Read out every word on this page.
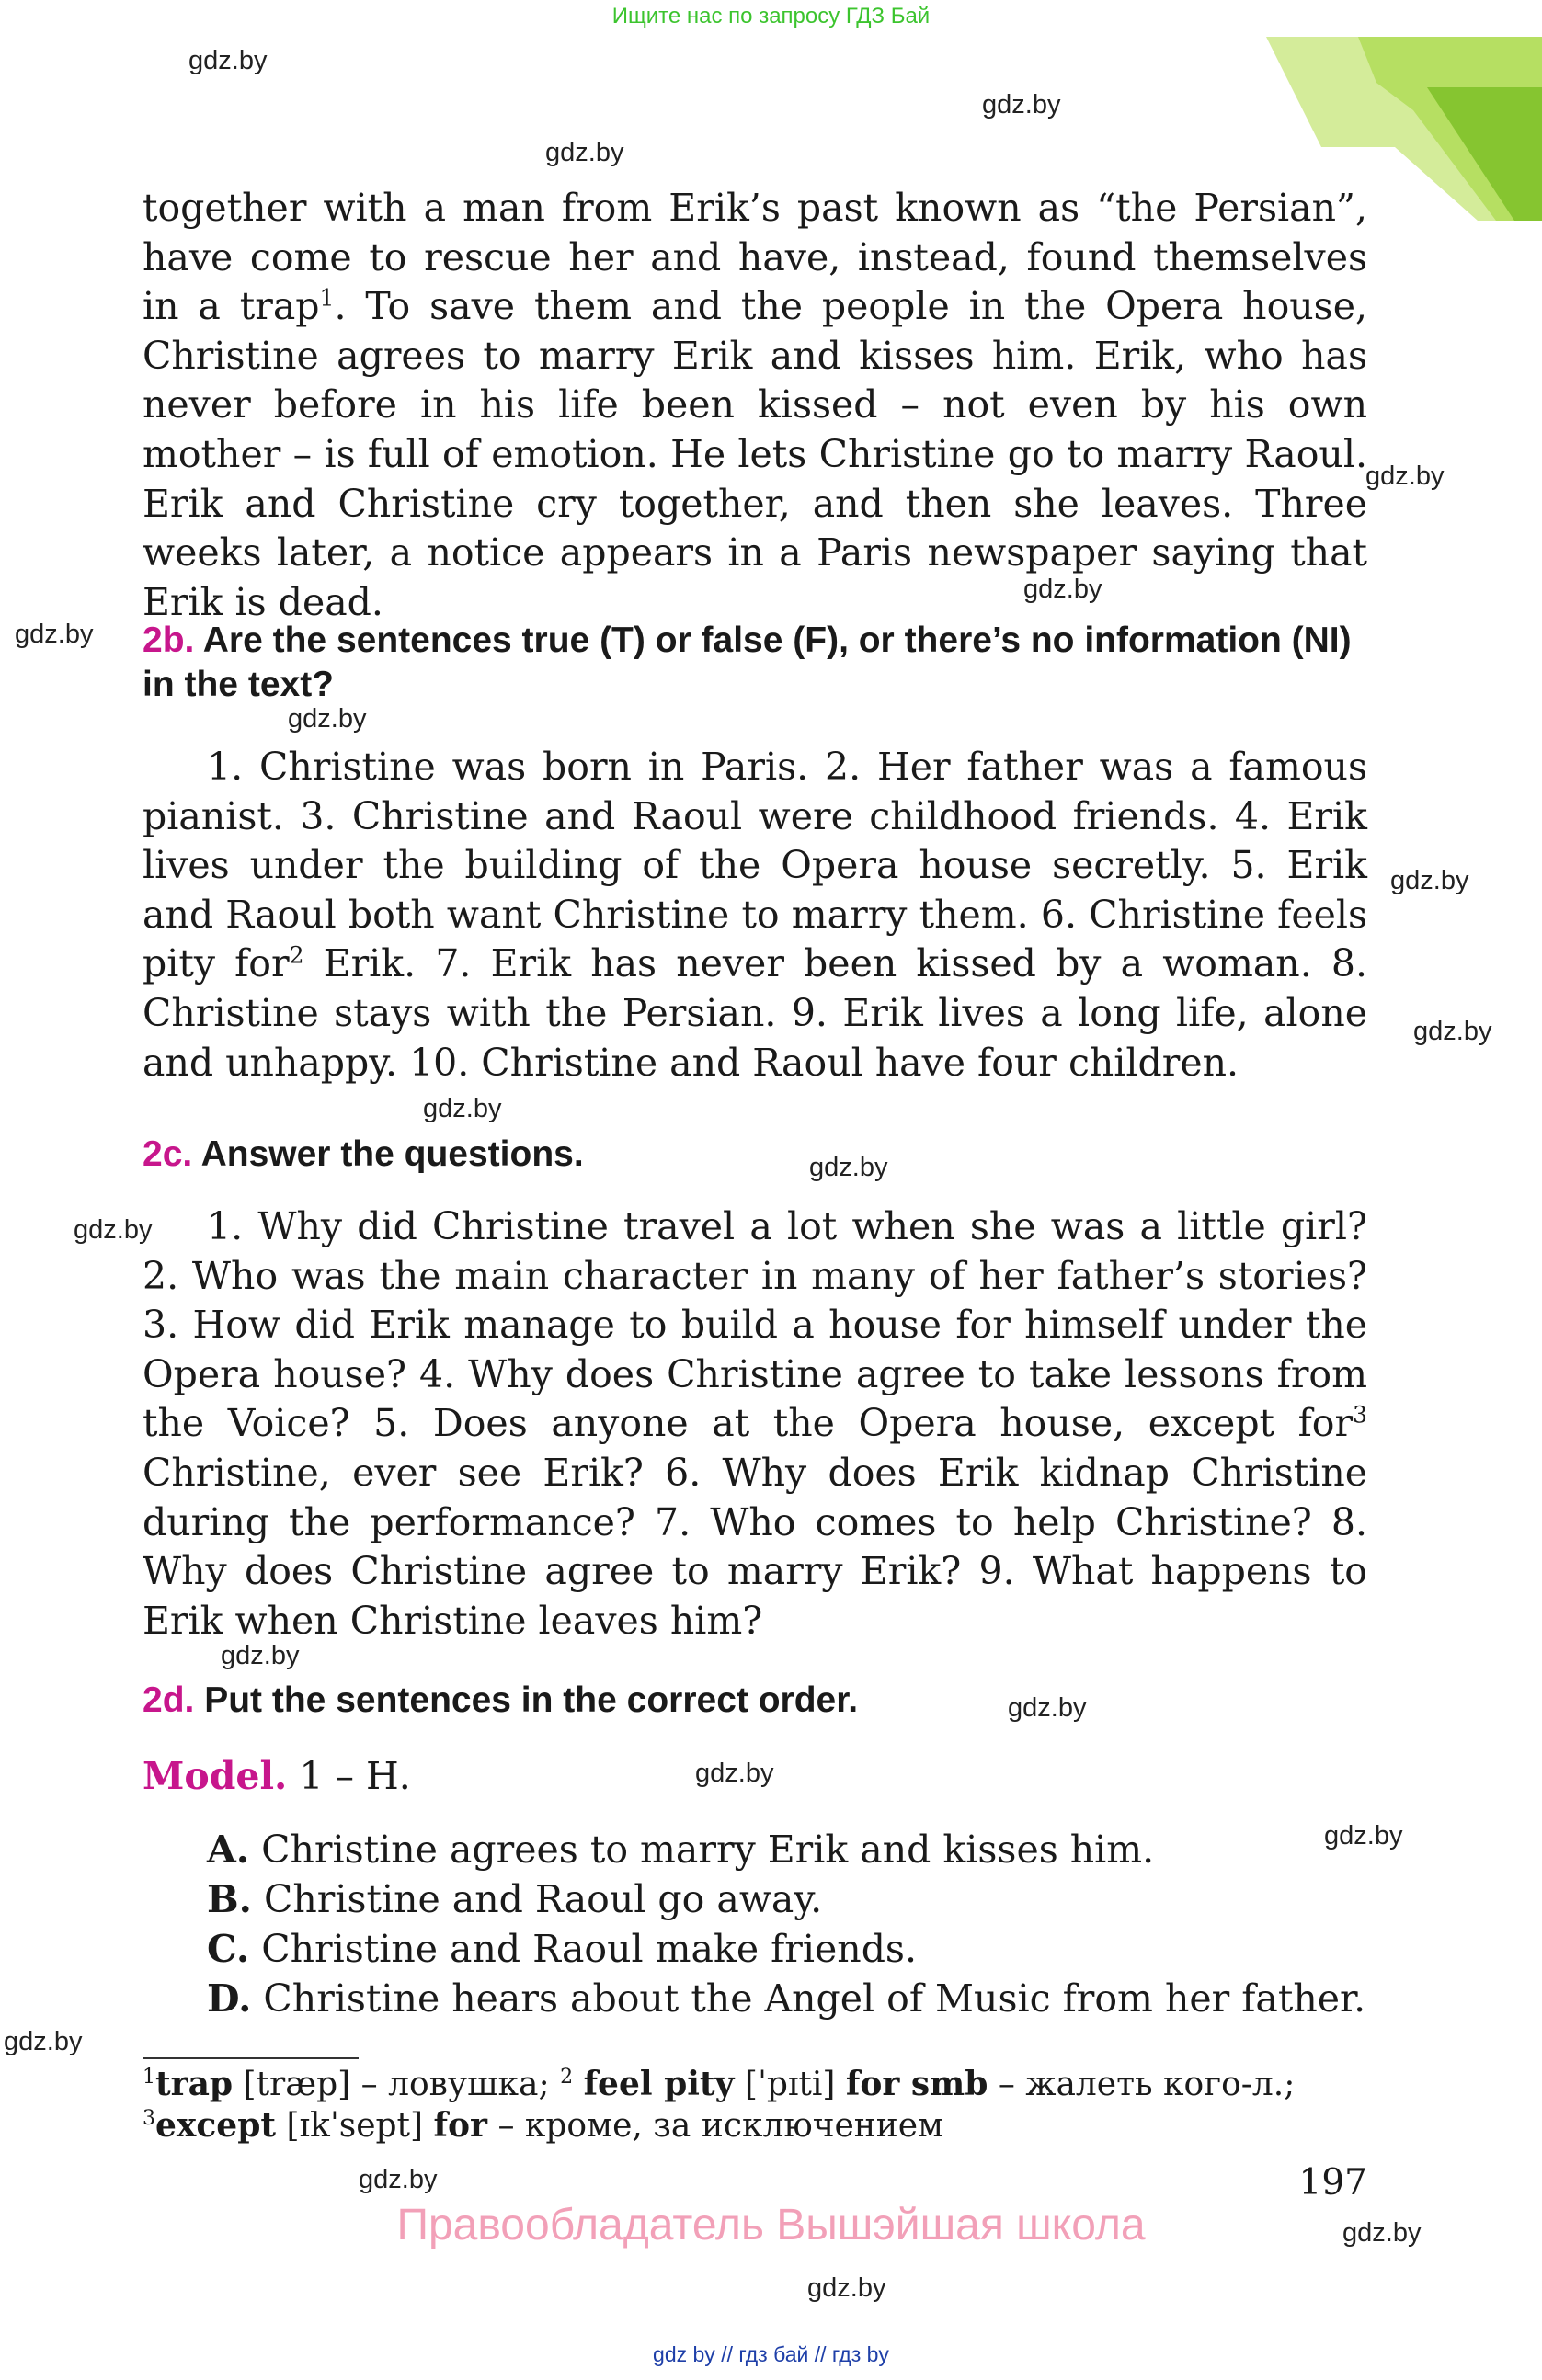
Ищите нас по запросу ГДЗ Бай
gdz.by
gdz.by
gdz.by
gdz.by
gdz.by
gdz.by
gdz.by
gdz.by
gdz.by
gdz.by
gdz.by
gdz.by
gdz.by
gdz.by
gdz.by
gdz.by
gdz.by
gdz.by
gdz.by
gdz.by

together with a man from Erik’s past known as “the Persian”, have come to rescue her and have, instead, found themselves in a trap$^1$. To save them and the people in the Opera house, Christine agrees to marry Erik and kisses him. Erik, who has never before in his life been kissed – not even by his own mother – is full of emotion. He lets Christine go to marry Raoul. Erik and Christine cry together, and then she leaves. Three weeks later, a notice appears in a Paris newspaper saying that Erik is dead.

2b. Are the sentences true (T) or false (F), or there’s no information (NI) in the text?

1. Christine was born in Paris. 2. Her father was a famous pianist. 3. Christine and Raoul were childhood friends. 4. Erik lives under the building of the Opera house secretly. 5. Erik and Raoul both want Christine to marry them. 6. Christine feels pity for$^2$ Erik. 7. Erik has never been kissed by a woman. 8. Christine stays with the Persian. 9. Erik lives a long life, alone and unhappy. 10. Christine and Raoul have four children.

2c. Answer the questions.

1. Why did Christine travel a lot when she was a little girl? 2. Who was the main character in many of her father’s stories? 3. How did Erik manage to build a house for himself under the Opera house? 4. Why does Christine agree to take lessons from the Voice? 5. Does anyone at the Opera house, except for$^3$ Christine, ever see Erik? 6. Why does Erik kidnap Christine during the performance? 7. Who comes to help Christine? 8. Why does Christine agree to marry Erik? 9. What happens to Erik when Christine leaves him?

2d. Put the sentences in the correct order.
Model. 1 – H.

A. Christine agrees to marry Erik and kisses him.

B. Christine and Raoul go away.

C. Christine and Raoul make friends.

D. Christine hears about the Angel of Music from her father.

$^1$trap [træp] – ловушка; $^2$ feel pity [ˈpɪti] for smb – жалеть кого-л.;
$^3$except [ɪkˈsept] for – кроме, за исключением
197
Правообладатель Вышэйшая школа
gdz by // гдз бай // гдз by
